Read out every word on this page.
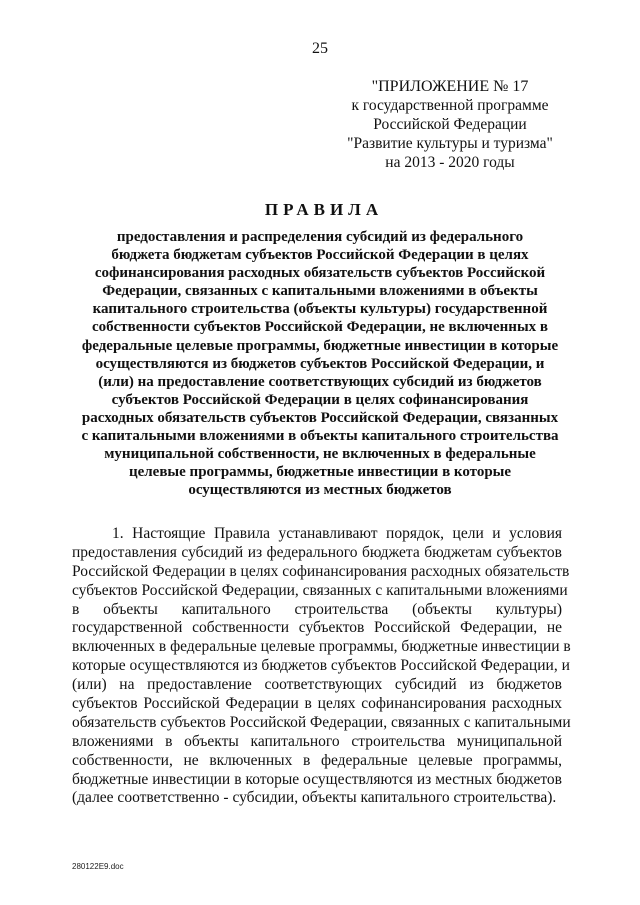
25
"ПРИЛОЖЕНИЕ № 17
к государственной программе
Российской Федерации
"Развитие культуры и туризма"
на 2013 - 2020 годы
ПРАВИЛА
предоставления и распределения субсидий из федерального
бюджета бюджетам субъектов Российской Федерации в целях
софинансирования расходных обязательств субъектов Российской
Федерации, связанных с капитальными вложениями в объекты
капитального строительства (объекты культуры) государственной
собственности субъектов Российской Федерации, не включенных в
федеральные целевые программы, бюджетные инвестиции в которые
осуществляются из бюджетов субъектов Российской Федерации, и
(или) на предоставление соответствующих субсидий из бюджетов
субъектов Российской Федерации в целях софинансирования
расходных обязательств субъектов Российской Федерации, связанных
с капитальными вложениями в объекты капитального строительства
муниципальной собственности, не включенных в федеральные
целевые программы, бюджетные инвестиции в которые
осуществляются из местных бюджетов
1. Настоящие Правила устанавливают порядок, цели и условия
предоставления субсидий из федерального бюджета бюджетам субъектов
Российской Федерации в целях софинансирования расходных обязательств
субъектов Российской Федерации, связанных с капитальными вложениями
в объекты капитального строительства (объекты культуры)
государственной собственности субъектов Российской Федерации, не
включенных в федеральные целевые программы, бюджетные инвестиции в
которые осуществляются из бюджетов субъектов Российской Федерации, и
(или) на предоставление соответствующих субсидий из бюджетов
субъектов Российской Федерации в целях софинансирования расходных
обязательств субъектов Российской Федерации, связанных с капитальными
вложениями в объекты капитального строительства муниципальной
собственности, не включенных в федеральные целевые программы,
бюджетные инвестиции в которые осуществляются из местных бюджетов
(далее соответственно - субсидии, объекты капитального строительства).
280122E9.doc
